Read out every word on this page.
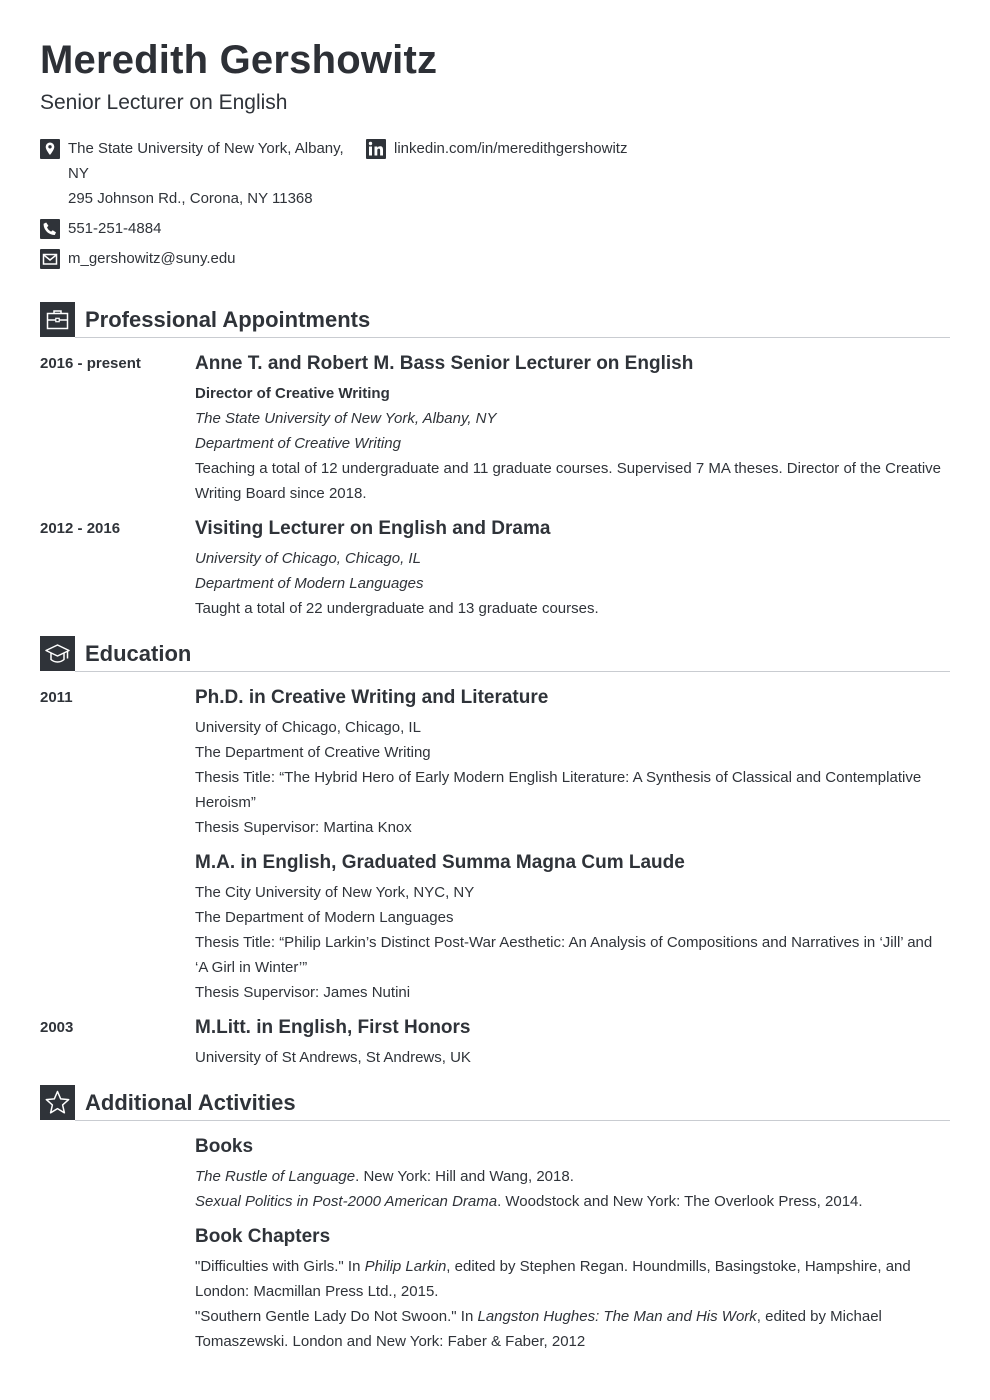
Meredith Gershowitz
Senior Lecturer on English
The State University of New York, Albany,
NY
295 Johnson Rd., Corona, NY 11368
linkedin.com/in/meredithgershowitz
551-251-4884
m_gershowitz@suny.edu
Professional Appointments
2016 - present	Anne T. and Robert M. Bass Senior Lecturer on English
Director of Creative Writing
The State University of New York, Albany, NY
Department of Creative Writing
Teaching a total of 12 undergraduate and 11 graduate courses. Supervised 7 MA theses. Director of the Creative
Writing Board since 2018.
2012 - 2016	Visiting Lecturer on English and Drama
University of Chicago, Chicago, IL
Department of Modern Languages
Taught a total of 22 undergraduate and 13 graduate courses.
Education
2011	Ph.D. in Creative Writing and Literature
University of Chicago, Chicago, IL
The Department of Creative Writing
Thesis Title: “The Hybrid Hero of Early Modern English Literature: A Synthesis of Classical and Contemplative
Heroism”
Thesis Supervisor: Martina Knox
M.A. in English, Graduated Summa Magna Cum Laude
The City University of New York, NYC, NY
The Department of Modern Languages
Thesis Title: “Philip Larkin’s Distinct Post-War Aesthetic: An Analysis of Compositions and Narratives in ‘Jill’ and
‘A Girl in Winter’”
Thesis Supervisor: James Nutini
2003	M.Litt. in English, First Honors
University of St Andrews, St Andrews, UK
Additional Activities
Books
The Rustle of Language. New York: Hill and Wang, 2018.
Sexual Politics in Post-2000 American Drama. Woodstock and New York: The Overlook Press, 2014.
Book Chapters
"Difficulties with Girls." In Philip Larkin, edited by Stephen Regan. Houndmills, Basingstoke, Hampshire, and
London: Macmillan Press Ltd., 2015.
"Southern Gentle Lady Do Not Swoon." In Langston Hughes: The Man and His Work, edited by Michael
Tomaszewski. London and New York: Faber & Faber, 2012
